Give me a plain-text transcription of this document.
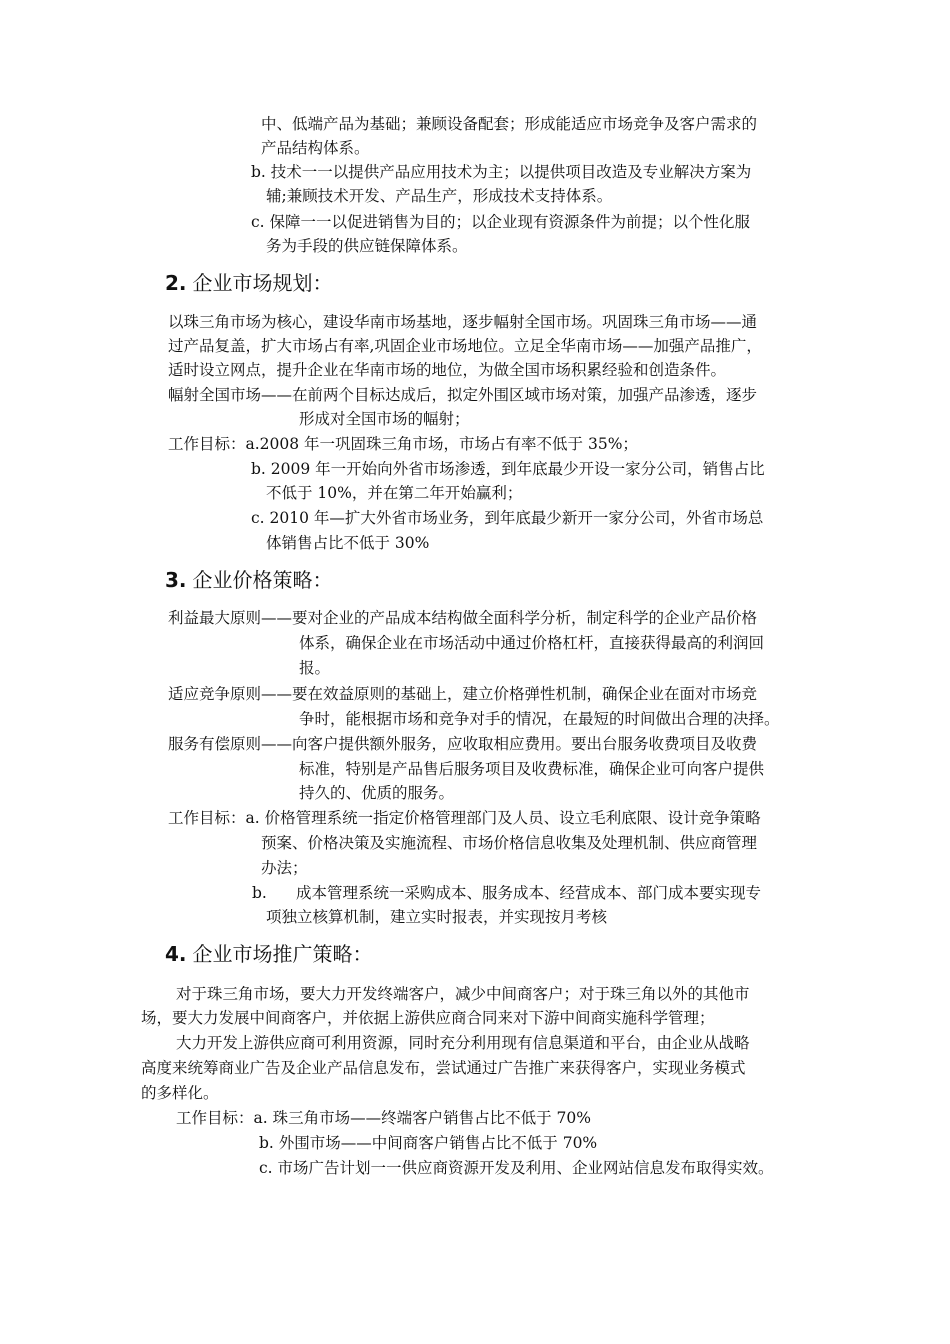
中、低端产品为基础；兼顾设备配套；形成能适应市场竞争及客户需求的
产品结构体系。
b. 技术一一以提供产品应用技术为主；以提供项目改造及专业解决方案为
辅;兼顾技术开发、产品生产，形成技术支持体系。
c. 保障一一以促进销售为目的；以企业现有资源条件为前提；以个性化服
务为手段的供应链保障体系。
2. 企业市场规划：
以珠三角市场为核心，建设华南市场基地，逐步幅射全国市场。巩固珠三角市场——通
过产品复盖，扩大市场占有率,巩固企业市场地位。立足全华南市场——加强产品推广，
适时设立网点，提升企业在华南市场的地位，为做全国市场积累经验和创造条件。
幅射全国市场——在前两个目标达成后，拟定外围区域市场对策，加强产品渗透，逐步
形成对全国市场的幅射；
工作目标：a.2008 年一巩固珠三角市场，市场占有率不低于 35%；
b. 2009 年一开始向外省市场渗透，到年底最少开设一家分公司，销售占比
不低于 10%，并在第二年开始赢利；
c. 2010 年—扩大外省市场业务，到年底最少新开一家分公司，外省市场总
体销售占比不低于 30%
3. 企业价格策略：
利益最大原则——要对企业的产品成本结构做全面科学分析，制定科学的企业产品价格
体系，确保企业在市场活动中通过价格杠杆，直接获得最高的利润回
报。
适应竞争原则——要在效益原则的基础上，建立价格弹性机制，确保企业在面对市场竞
争时，能根据市场和竞争对手的情况，在最短的时间做出合理的决择。
服务有偿原则——向客户提供额外服务，应收取相应费用。要出台服务收费项目及收费
标准，特别是产品售后服务项目及收费标准，确保企业可向客户提供
持久的、优质的服务。
工作目标：a. 价格管理系统一指定价格管理部门及人员、设立毛利底限、设计竞争策略
预案、价格决策及实施流程、市场价格信息收集及处理机制、供应商管理
办法；
b. 成本管理系统一采购成本、服务成本、经营成本、部门成本要实现专
项独立核算机制，建立实时报表，并实现按月考核
4. 企业市场推广策略：
对于珠三角市场，要大力开发终端客户，减少中间商客户；对于珠三角以外的其他市
场，要大力发展中间商客户，并依据上游供应商合同来对下游中间商实施科学管理；
大力开发上游供应商可利用资源，同时充分利用现有信息渠道和平台，由企业从战略
高度来统筹商业广告及企业产品信息发布，尝试通过广告推广来获得客户，实现业务模式
的多样化。
工作目标：a. 珠三角市场——终端客户销售占比不低于 70%
b. 外围市场——中间商客户销售占比不低于 70%
c. 市场广告计划一一供应商资源开发及利用、企业网站信息发布取得实效。
